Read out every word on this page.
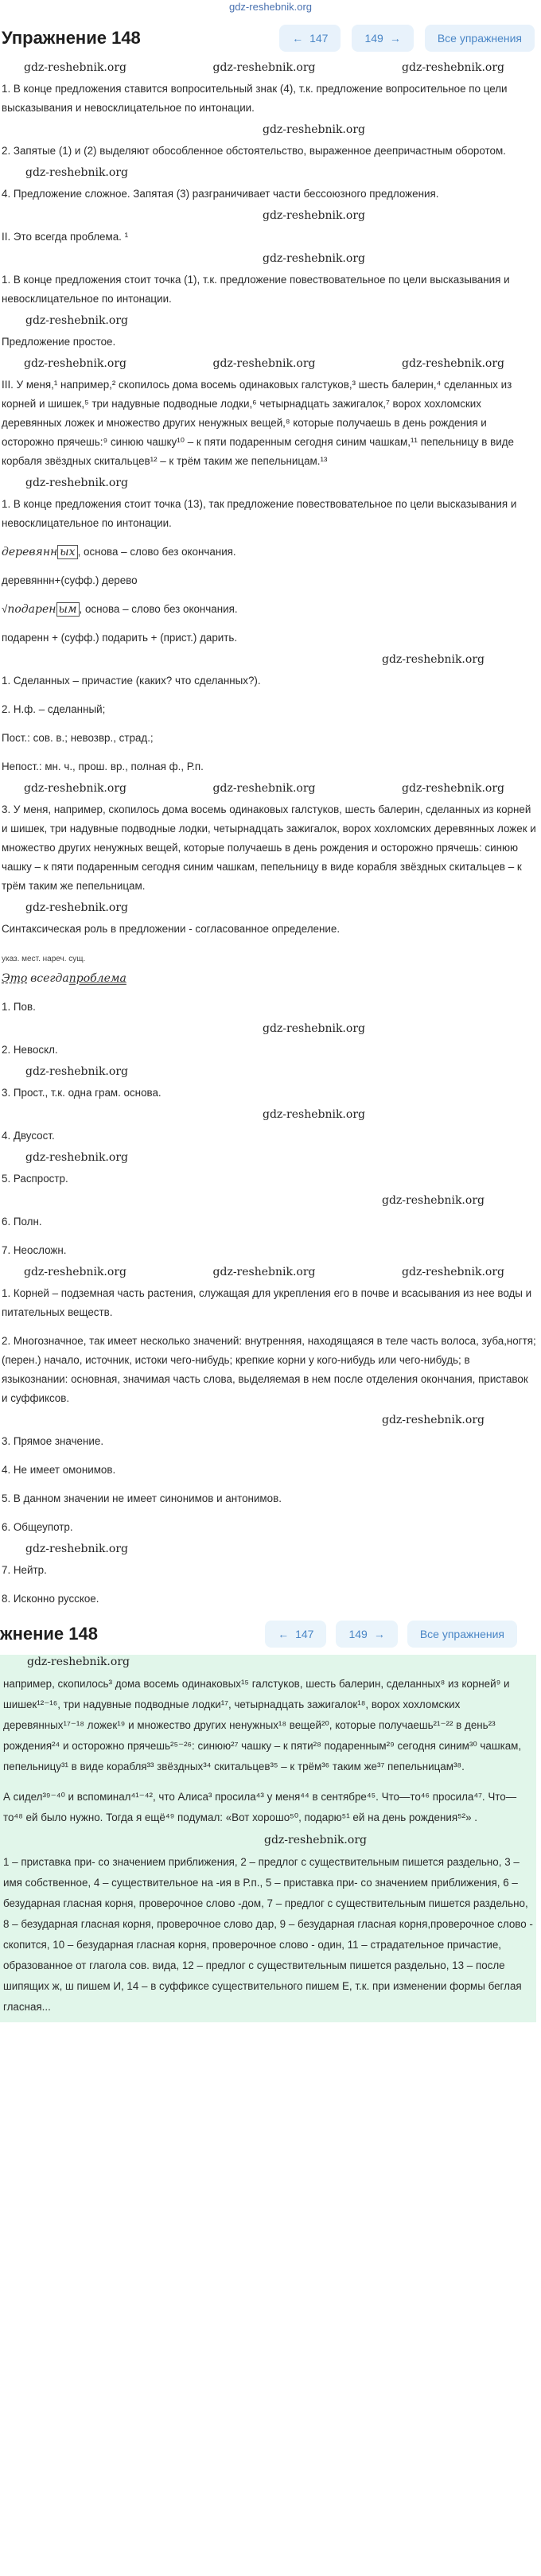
gdz-reshebnik.org
Упражнение 148	← 147	149 →	Все упражнения
gdz-reshebnik.org	gdz-reshebnik.org	gdz-reshebnik.org

1. В конце предложения ставится вопросительный знак (4), т.к. предложение вопросительное по цели высказывания и невосклицательное по интонации.

gdz-reshebnik.org

2. Запятые (1) и (2) выделяют обособленное обстоятельство, выраженное деепричастным оборотом.

gdz-reshebnik.org

4. Предложение сложное. Запятая (3) разграничивает части бессоюзного предложения.

gdz-reshebnik.org

II. Это всегда проблема. ¹

gdz-reshebnik.org

1. В конце предложения стоит точка (1), т.к. предложение повествовательное по цели высказывания и невосклицательное по интонации.

gdz-reshebnik.org

Предложение простое.

gdz-reshebnik.org	gdz-reshebnik.org	gdz-reshebnik.org

III. У меня,¹ например,² скопилось дома восемь одинаковых галстуков,³ шесть балерин,⁴ сделанных из корней и шишек,⁵ три надувные подводные лодки,⁶ четырнадцать зажигалок,⁷ ворох хохломских деревянных ложек и множество других ненужных вещей,⁸ которые получаешь в день рождения и осторожно прячешь:⁹ синюю чашку¹⁰ – к пяти подаренным сегодня синим чашкам,¹¹ пепельницу в виде корбаля звёздных скитальцев¹² – к трём таким же пепельницам.¹³

gdz-reshebnik.org

1. В конце предложения стоит точка (13), так предложение повествовательное по цели высказывания и невосклицательное по интонации.

деревянн ых , основа – слово без окончания.

деревяннн+(суфф.) дерево

√подарен ым , основа – слово без окончания.

подаренн + (суфф.) подарить + (прист.) дарить.

gdz-reshebnik.org

1. Сделанных – причастие (каких? что сделанных?).

2. Н.ф. – сделанный;

Пост.: сов. в.; невозвр., страд.;

Непост.: мн. ч., прош. вр., полная ф., Р.п.

gdz-reshebnik.org	gdz-reshebnik.org	gdz-reshebnik.org

3. У меня, например, скопилось дома восемь одинаковых галстуков, шесть балерин, сделанных из корней и шишек, три надувные подводные лодки, четырнадцать зажигалок, ворох хохломских деревянных ложек и множество других ненужных вещей, которые получаешь в день рождения и осторожно прячешь: синюю чашку – к пяти подаренным сегодня синим чашкам, пепельницу в виде корабля звёздных скитальцев – к трём таким же пепельницам.

gdz-reshebnik.org

Синтаксическая роль в предложении - согласованное определение.

указ. мест. нареч. сущ.
Это всегдапроблема

1. Пов.

gdz-reshebnik.org

2. Невоскл.

gdz-reshebnik.org

3. Прост., т.к. одна грам. основа.

gdz-reshebnik.org

4. Двусост.

gdz-reshebnik.org

5. Распростр.

gdz-reshebnik.org

6. Полн.

7. Неосложн.

gdz-reshebnik.org	gdz-reshebnik.org	gdz-reshebnik.org

1. Корней – подземная часть растения, служащая для укрепления его в почве и всасывания из нее воды и питательных веществ.

2. Многозначное, так имеет несколько значений: внутренняя, находящаяся в теле часть волоса, зуба,ногтя; (перен.) начало, источник, истоки чего-нибудь; крепкие корни у кого-нибудь или чего-нибудь; в языкознании: основная, значимая часть слова, выделяемая в нем после отделения окончания, приставок и суффиксов.

gdz-reshebnik.org

3. Прямое значение.

4. Не имеет омонимов.

5. В данном значении не имеет синонимов и антонимов.

6. Общеупотр.

gdz-reshebnik.org

7. Нейтр.

8. Исконно русское.

жнение 148	← 147	149 →	Все упражнения
gdz-reshebnik.org

например, скопилось³ дома восемь одинаковых¹⁵ галстуков, шесть балерин, сделанных⁸ из корней⁹ и шишек¹²⁻¹⁶, три надувные подводные лодки¹⁷, четырнадцать зажигалок¹⁸, ворох хохломских деревянных¹⁷⁻¹⁸ ложек¹⁹ и множество других ненужных¹⁸ вещей²⁰, которые получаешь²¹⁻²² в день²³ рождения²⁴ и осторожно прячешь²⁵⁻²⁶: синюю²⁷ чашку – к пяти²⁸ подаренным²⁹ сегодня синим³⁰ чашкам, пепельницу³¹ в виде корабля³³ звёздных³⁴ скитальцев³⁵ – к трём³⁶ таким же³⁷ пепельницам³⁸.

А сидел³⁹⁻⁴⁰ и вспоминал⁴¹⁻⁴², что Алиса³ просила⁴³ у меня⁴⁴ в сентябре⁴⁵. Что—то⁴⁶ просила⁴⁷. Что—то⁴⁸ ей было нужно. Тогда я ещё⁴⁹ подумал: «Вот хорошо⁵⁰, подарю⁵¹ ей на день рождения⁵²» .

gdz-reshebnik.org

1 – приставка при- со значением приближения, 2 – предлог с существительным пишется раздельно, 3 – имя собственное, 4 – существительное на -ия в Р.п., 5 – приставка при- со значением приближения, 6 – безударная гласная корня, проверочное слово -дом, 7 – предлог с существительным пишется раздельно, 8 – безударная гласная корня, проверочное слово дар, 9 – безударная гласная корня,проверочное слово - скопится, 10 – безударная гласная корня, проверочное слово - один, 11 – страдательное причастие, образованное от глагола сов. вида, 12 – предлог с существительным пишется раздельно, 13 – после шипящих ж, ш пишем И, 14 – в суффиксе существительного пишем Е, т.к. при изменении формы беглая гласная...
